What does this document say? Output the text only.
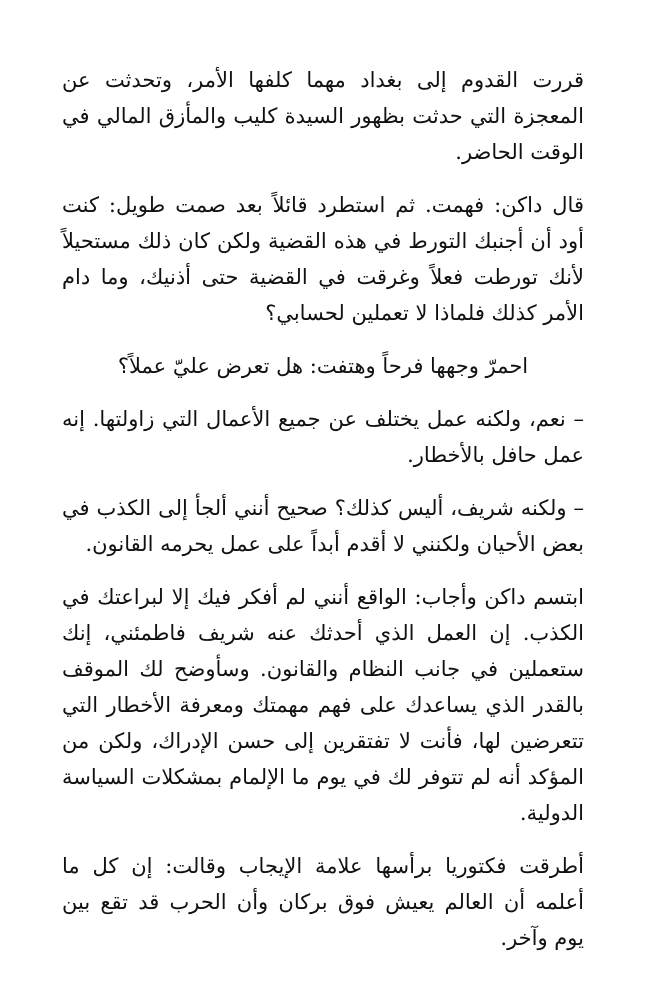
قررت القدوم إلى بغداد مهما كلفها الأمر، وتحدثت عن المعجزة التي حدثت بظهور السيدة كليب والمأزق المالي في الوقت الحاضر.

قال داكن: فهمت. ثم استطرد قائلاً بعد صمت طويل: كنت أود أن أجنبك التورط في هذه القضية ولكن كان ذلك مستحيلاً لأنك تورطت فعلاً وغرقت في القضية حتى أذنيك، وما دام الأمر كذلك فلماذا لا تعملين لحسابي؟

احمرّ وجهها فرحاً وهتفت: هل تعرض عليّ عملاً؟

– نعم، ولكنه عمل يختلف عن جميع الأعمال التي زاولتها. إنه عمل حافل بالأخطار.

– ولكنه شريف، أليس كذلك؟ صحيح أنني ألجأ إلى الكذب في بعض الأحيان ولكنني لا أقدم أبداً على عمل يحرمه القانون.

ابتسم داكن وأجاب: الواقع أنني لم أفكر فيك إلا لبراعتك في الكذب. إن العمل الذي أحدثك عنه شريف فاطمئني، إنك ستعملين في جانب النظام والقانون. وسأوضح لك الموقف بالقدر الذي يساعدك على فهم مهمتك ومعرفة الأخطار التي تتعرضين لها، فأنت لا تفتقرين إلى حسن الإدراك، ولكن من المؤكد أنه لم تتوفر لك في يوم ما الإلمام بمشكلات السياسة الدولية.

أطرقت فكتوريا برأسها علامة الإيجاب وقالت: إن كل ما أعلمه أن العالم يعيش فوق بركان وأن الحرب قد تقع بين يوم وآخر.
